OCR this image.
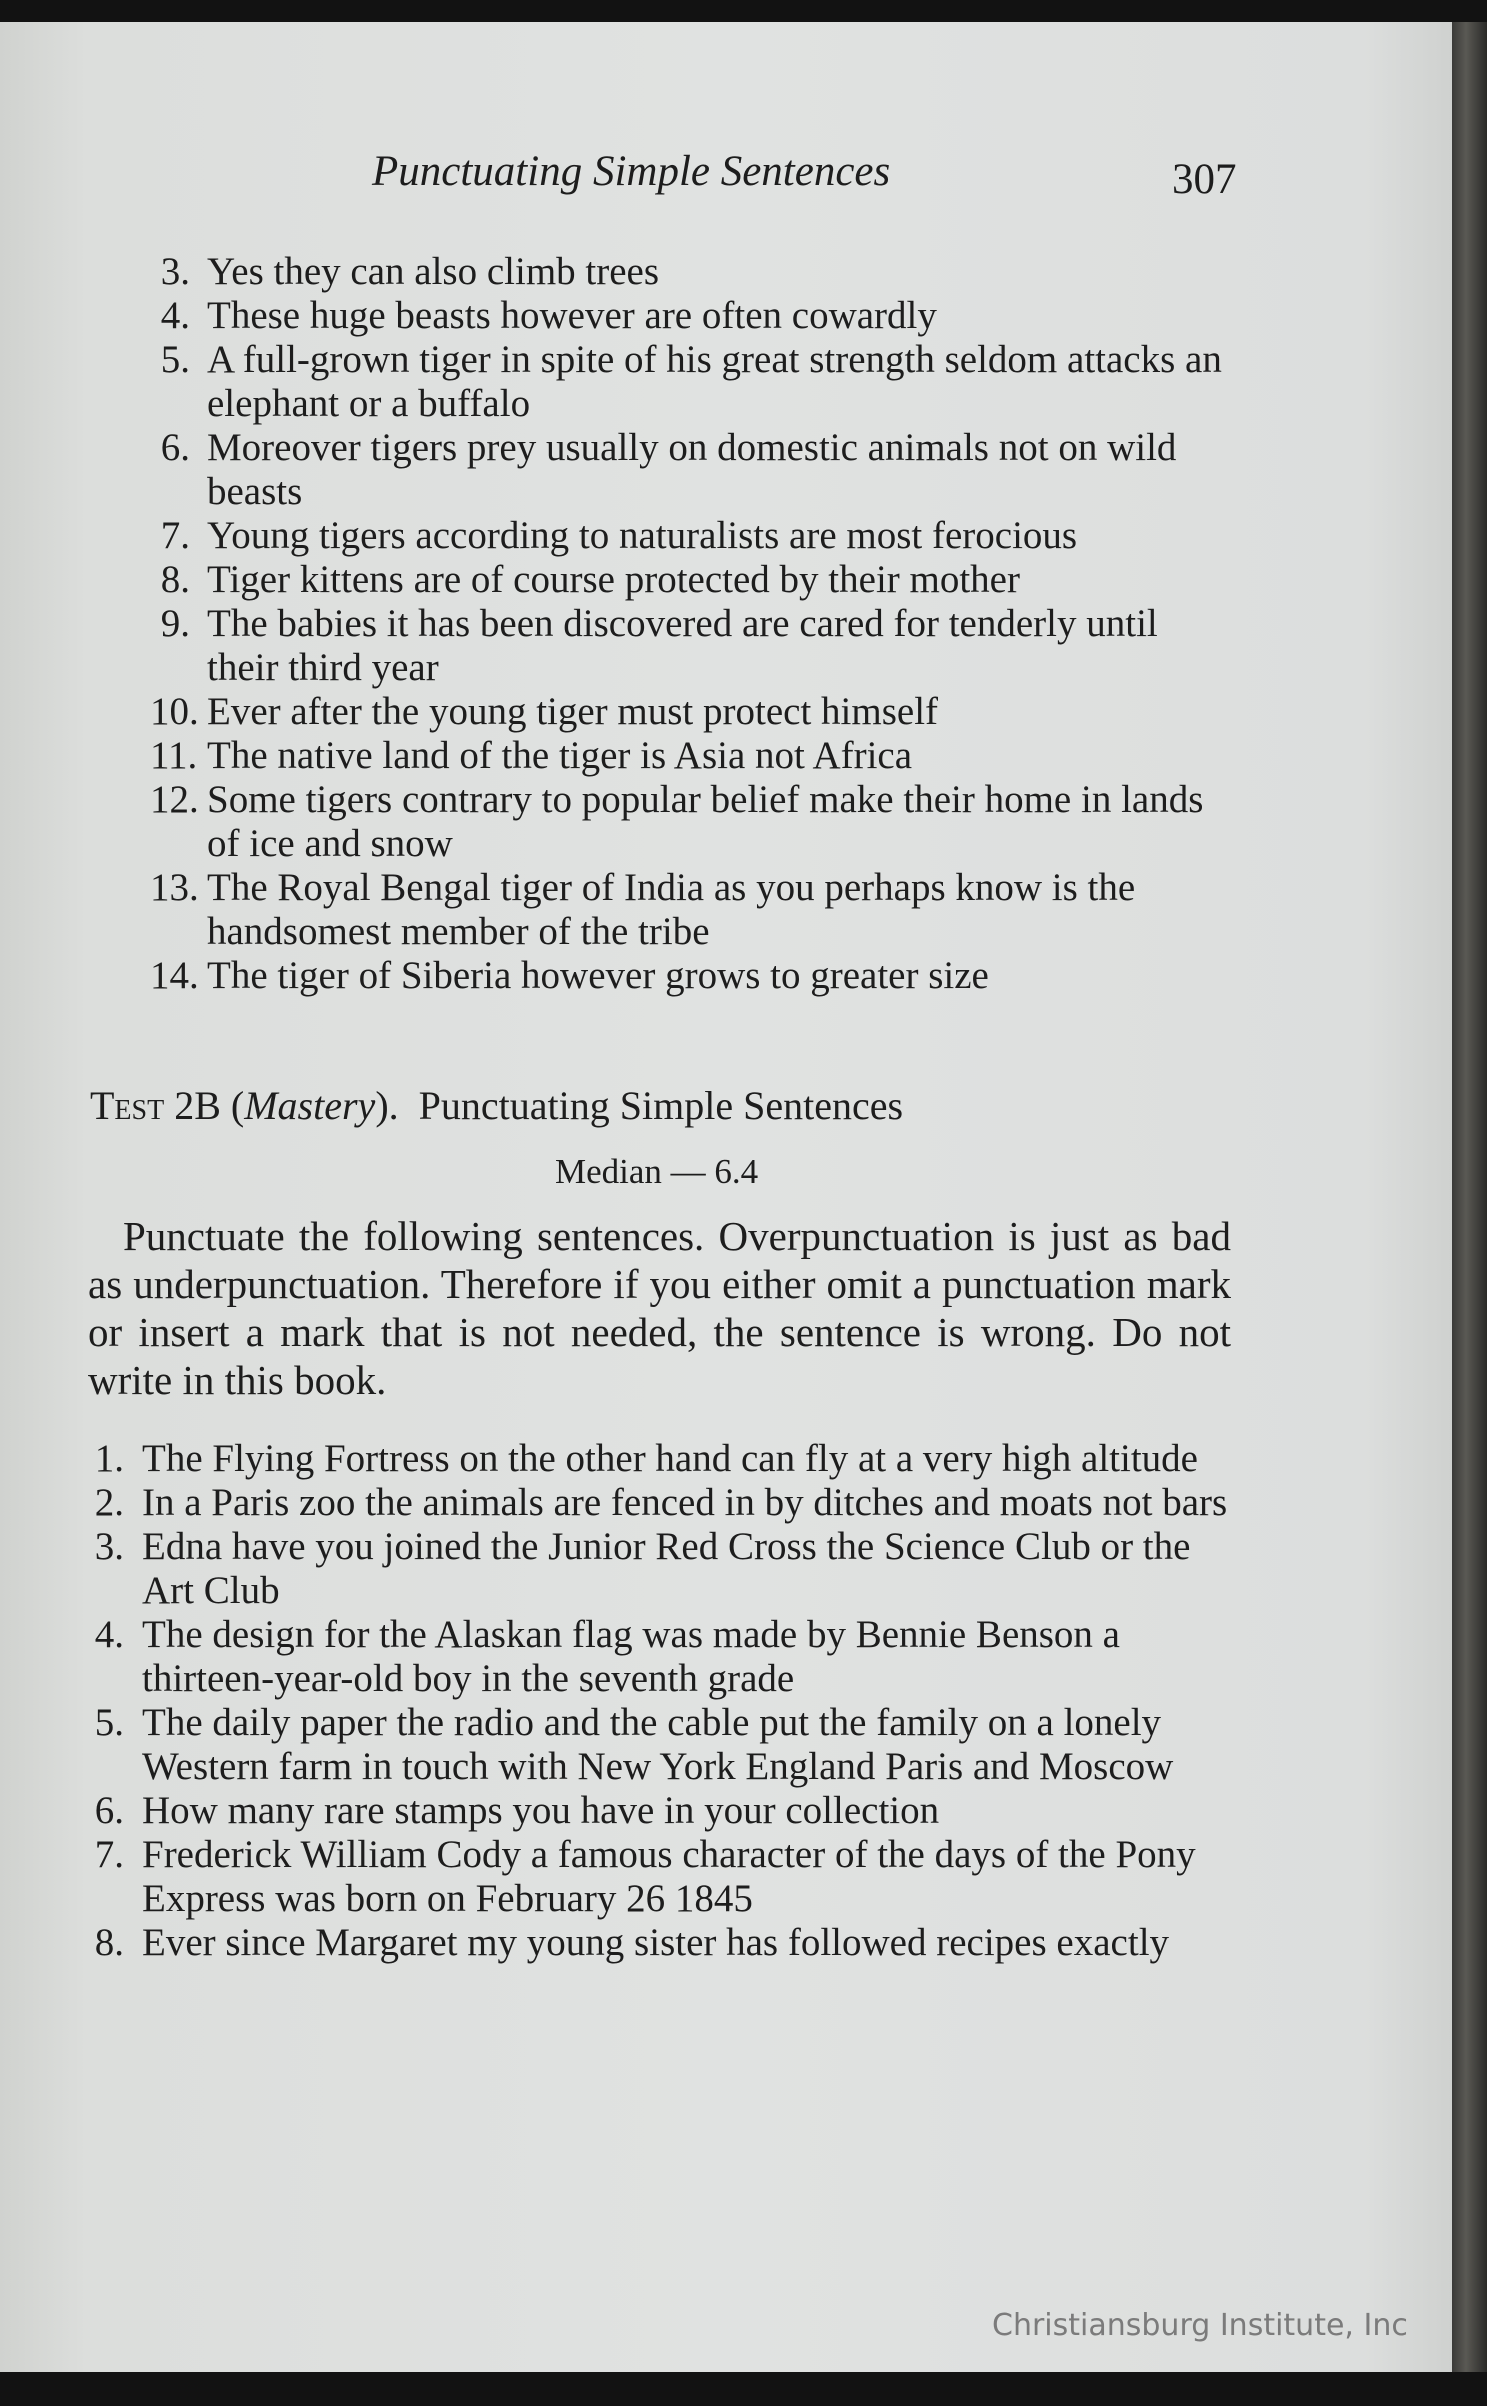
Punctuating Simple Sentences	307
3. Yes they can also climb trees
4. These huge beasts however are often cowardly
5. A full-grown tiger in spite of his great strength seldom attacks an elephant or a buffalo
6. Moreover tigers prey usually on domestic animals not on wild beasts
7. Young tigers according to naturalists are most ferocious
8. Tiger kittens are of course protected by their mother
9. The babies it has been discovered are cared for tenderly until their third year
10. Ever after the young tiger must protect himself
11. The native land of the tiger is Asia not Africa
12. Some tigers contrary to popular belief make their home in lands of ice and snow
13. The Royal Bengal tiger of India as you perhaps know is the handsomest member of the tribe
14. The tiger of Siberia however grows to greater size
Test 2B (Mastery).  Punctuating Simple Sentences
Median — 6.4

Punctuate the following sentences. Overpunctuation is just as bad as underpunctuation. Therefore if you either omit a punctuation mark or insert a mark that is not needed, the sentence is wrong. Do not write in this book.

1. The Flying Fortress on the other hand can fly at a very high altitude
2. In a Paris zoo the animals are fenced in by ditches and moats not bars
3. Edna have you joined the Junior Red Cross the Science Club or the Art Club
4. The design for the Alaskan flag was made by Bennie Benson a thirteen-year-old boy in the seventh grade
5. The daily paper the radio and the cable put the family on a lonely Western farm in touch with New York England Paris and Moscow
6. How many rare stamps you have in your collection
7. Frederick William Cody a famous character of the days of the Pony Express was born on February 26 1845
8. Ever since Margaret my young sister has followed recipes exactly
Christiansburg Institute, Inc
